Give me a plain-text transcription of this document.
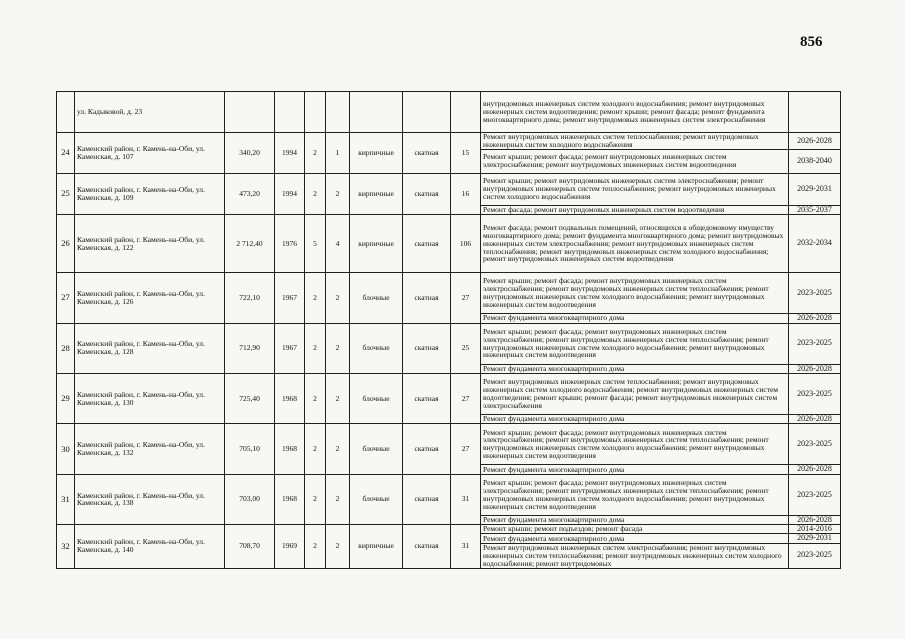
856
	ул. Кадыковой, д. 23								внутридомовых инженерных систем холодного водоснабжения; ремонт внутридомовых инженерных систем водоотведения; ремонт крыши; ремонт фасада; ремонт фундамента многоквартирного дома; ремонт внутридомовых инженерных систем электроснабжения	
24	Каменский район, г. Камень-на-Оби, ул. Каменская, д. 107	340,20	1994	2	1	кирпичные	скатная	15	Ремонт внутридомовых инженерных систем теплоснабжения; ремонт внутридомовых инженерных систем холодного водоснабжения	2026-2028
									Ремонт крыши; ремонт фасада; ремонт внутридомовых инженерных систем электроснабжения; ремонт внутридомовых инженерных систем водоотведения	2038-2040
25	Каменский район, г. Камень-на-Оби, ул. Каменская, д. 109	473,20	1994	2	2	кирпичные	скатная	16	Ремонт крыши; ремонт внутридомовых инженерных систем электроснабжения; ремонт внутридомовых инженерных систем теплоснабжения; ремонт внутридомовых инженерных систем холодного водоснабжения	2029-2031
									Ремонт фасада; ремонт внутридомовых инженерных систем водоотведения	2035-2037
26	Каменский район, г. Камень-на-Оби, ул. Каменская, д. 122	2 712,40	1976	5	4	кирпичные	скатная	106	Ремонт фасада; ремонт подвальных помещений, относящихся к общедомовому имуществу многоквартирного дома; ремонт фундамента многоквартирного дома; ремонт внутридомовых инженерных систем электроснабжения; ремонт внутридомовых инженерных систем теплоснабжения; ремонт внутридомовых инженерных систем холодного водоснабжения; ремонт внутридомовых инженерных систем водоотведения	2032-2034
27	Каменский район, г. Камень-на-Оби, ул. Каменская, д. 126	722,10	1967	2	2	блочные	скатная	27	Ремонт крыши; ремонт фасада; ремонт внутридомовых инженерных систем электроснабжения; ремонт внутридомовых инженерных систем теплоснабжения; ремонт внутридомовых инженерных систем холодного водоснабжения; ремонт внутридомовых инженерных систем водоотведения	2023-2025
									Ремонт фундамента многоквартирного дома	2026-2028
28	Каменский район, г. Камень-на-Оби, ул. Каменская, д. 128	712,90	1967	2	2	блочные	скатная	25	Ремонт крыши; ремонт фасада; ремонт внутридомовых инженерных систем электроснабжения; ремонт внутридомовых инженерных систем теплоснабжения; ремонт внутридомовых инженерных систем холодного водоснабжения; ремонт внутридомовых инженерных систем водоотведения	2023-2025
									Ремонт фундамента многоквартирного дома	2026-2028
29	Каменский район, г. Камень-на-Оби, ул. Каменская, д. 130	725,40	1968	2	2	блочные	скатная	27	Ремонт внутридомовых инженерных систем теплоснабжения; ремонт внутридомовых инженерных систем холодного водоснабжения; ремонт внутридомовых инженерных систем водоотведения; ремонт крыши; ремонт фасада; ремонт внутридомовых инженерных систем электроснабжения	2023-2025
									Ремонт фундамента многоквартирного дома	2026-2028
30	Каменский район, г. Камень-на-Оби, ул. Каменская, д. 132	705,10	1968	2	2	блочные	скатная	27	Ремонт крыши; ремонт фасада; ремонт внутридомовых инженерных систем электроснабжения; ремонт внутридомовых инженерных систем теплоснабжения; ремонт внутридомовых инженерных систем холодного водоснабжения; ремонт внутридомовых инженерных систем водоотведения	2023-2025
									Ремонт фундамента многоквартирного дома	2026-2028
31	Каменский район, г. Камень-на-Оби, ул. Каменская, д. 138	703,00	1968	2	2	блочные	скатная	31	Ремонт крыши; ремонт фасада; ремонт внутридомовых инженерных систем электроснабжения; ремонт внутридомовых инженерных систем теплоснабжения; ремонт внутридомовых инженерных систем холодного водоснабжения; ремонт внутридомовых инженерных систем водоотведения	2023-2025
									Ремонт фундамента многоквартирного дома	2026-2028
32	Каменский район, г. Камень-на-Оби, ул. Каменская, д. 140	708,70	1969	2	2	кирпичные	скатная	31	Ремонт крыши; ремонт подъездов; ремонт фасада	2014-2016
									Ремонт фундамента многоквартирного дома	2029-2031
									Ремонт внутридомовых инженерных систем электроснабжения; ремонт внутридомовых инженерных систем теплоснабжения; ремонт внутридомовых инженерных систем холодного водоснабжения; ремонт внутридомовых	2023-2025
